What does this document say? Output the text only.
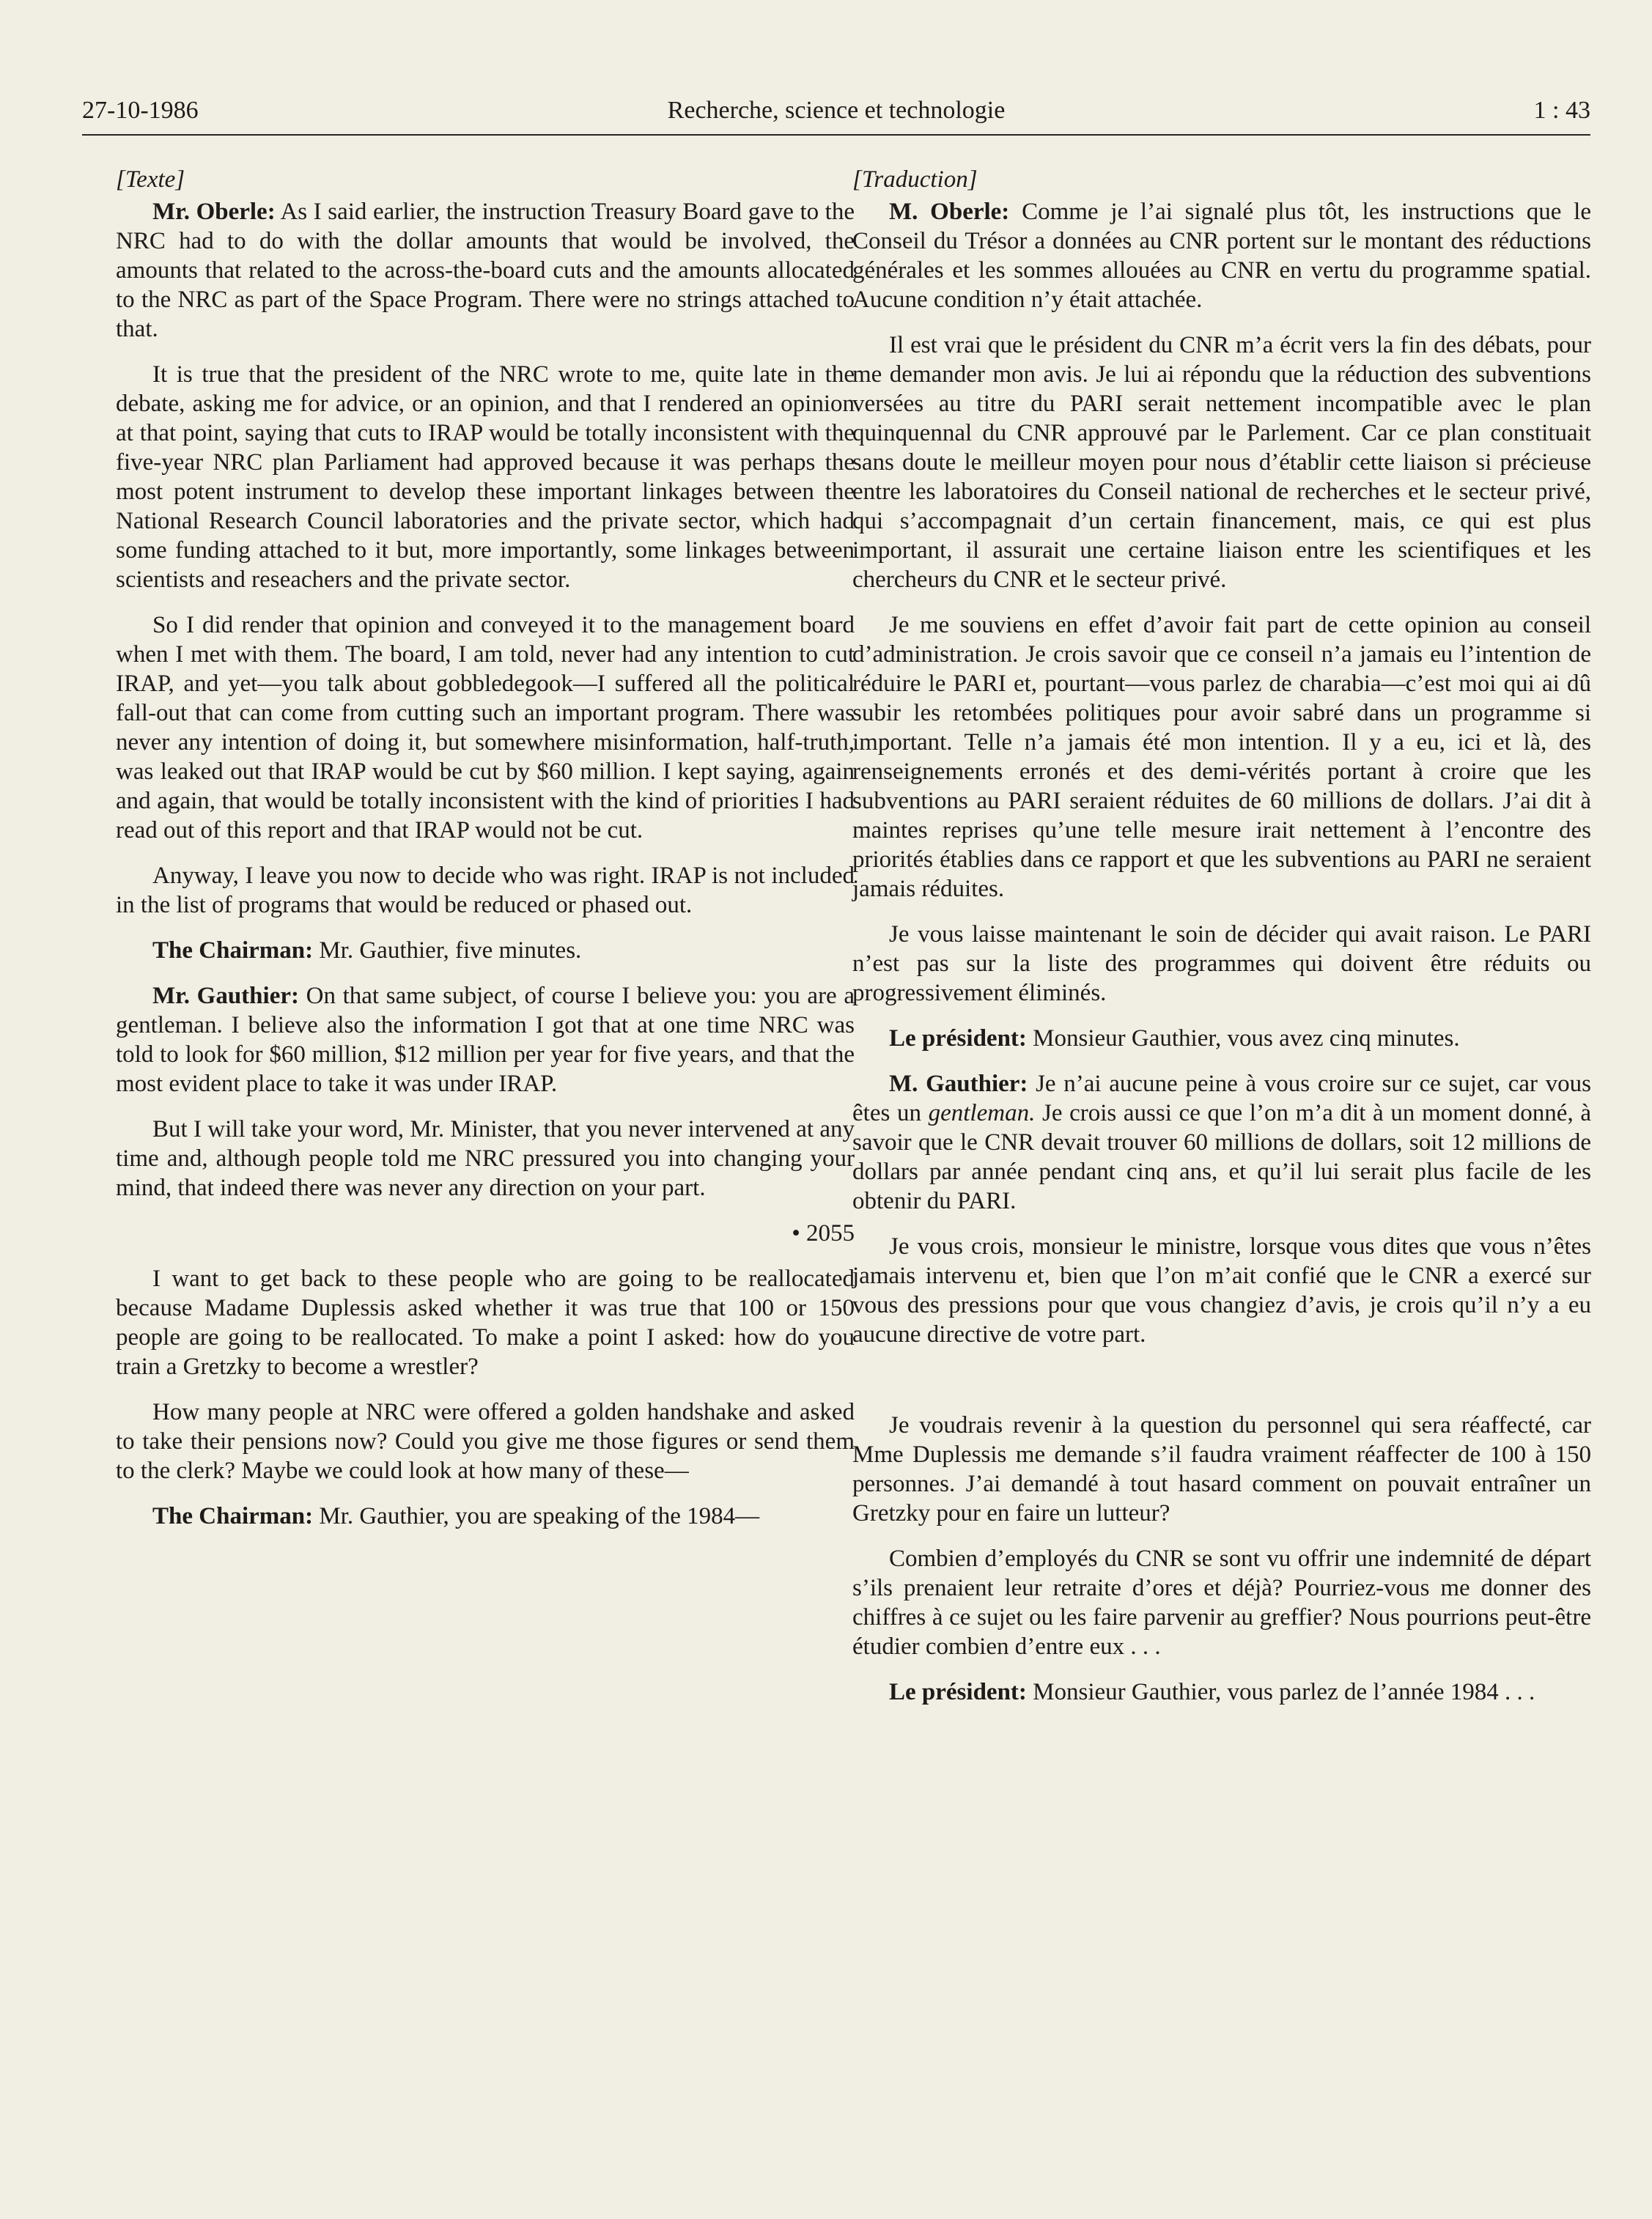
27-10-1986	Recherche, science et technologie	1 : 43

[Texte]

Mr. Oberle: As I said earlier, the instruction Treasury Board gave to the NRC had to do with the dollar amounts that would be involved, the amounts that related to the across-the-board cuts and the amounts allocated to the NRC as part of the Space Program. There were no strings attached to that.

It is true that the president of the NRC wrote to me, quite late in the debate, asking me for advice, or an opinion, and that I rendered an opinion at that point, saying that cuts to IRAP would be totally inconsistent with the five-year NRC plan Parliament had approved because it was perhaps the most potent instrument to develop these important linkages between the National Research Council laboratories and the private sector, which had some funding attached to it but, more importantly, some linkages between scientists and reseachers and the private sector.

So I did render that opinion and conveyed it to the management board when I met with them. The board, I am told, never had any intention to cut IRAP, and yet—you talk about gobbledegook—I suffered all the political fall-out that can come from cutting such an important program. There was never any intention of doing it, but somewhere misinformation, half-truth, was leaked out that IRAP would be cut by $60 million. I kept saying, again and again, that would be totally inconsistent with the kind of priorities I had read out of this report and that IRAP would not be cut.

Anyway, I leave you now to decide who was right. IRAP is not included in the list of programs that would be reduced or phased out.

The Chairman: Mr. Gauthier, five minutes.

Mr. Gauthier: On that same subject, of course I believe you: you are a gentleman. I believe also the information I got that at one time NRC was told to look for $60 million, $12 million per year for five years, and that the most evident place to take it was under IRAP.

But I will take your word, Mr. Minister, that you never intervened at any time and, although people told me NRC pressured you into changing your mind, that indeed there was never any direction on your part.

• 2055

I want to get back to these people who are going to be reallocated because Madame Duplessis asked whether it was true that 100 or 150 people are going to be reallocated. To make a point I asked: how do you train a Gretzky to become a wrestler?

How many people at NRC were offered a golden handshake and asked to take their pensions now? Could you give me those figures or send them to the clerk? Maybe we could look at how many of these—

The Chairman: Mr. Gauthier, you are speaking of the 1984—

[Traduction]

M. Oberle: Comme je l’ai signalé plus tôt, les instructions que le Conseil du Trésor a données au CNR portent sur le montant des réductions générales et les sommes allouées au CNR en vertu du programme spatial. Aucune condition n’y était attachée.

Il est vrai que le président du CNR m’a écrit vers la fin des débats, pour me demander mon avis. Je lui ai répondu que la réduction des subventions versées au titre du PARI serait nettement incompatible avec le plan quinquennal du CNR approuvé par le Parlement. Car ce plan constituait sans doute le meilleur moyen pour nous d’établir cette liaison si précieuse entre les laboratoires du Conseil national de recherches et le secteur privé, qui s’accompagnait d’un certain financement, mais, ce qui est plus important, il assurait une certaine liaison entre les scientifiques et les chercheurs du CNR et le secteur privé.

Je me souviens en effet d’avoir fait part de cette opinion au conseil d’administration. Je crois savoir que ce conseil n’a jamais eu l’intention de réduire le PARI et, pourtant—vous parlez de charabia—c’est moi qui ai dû subir les retombées politiques pour avoir sabré dans un programme si important. Telle n’a jamais été mon intention. Il y a eu, ici et là, des renseignements erronés et des demi-vérités portant à croire que les subventions au PARI seraient réduites de 60 millions de dollars. J’ai dit à maintes reprises qu’une telle mesure irait nettement à l’encontre des priorités établies dans ce rapport et que les subventions au PARI ne seraient jamais réduites.

Je vous laisse maintenant le soin de décider qui avait raison. Le PARI n’est pas sur la liste des programmes qui doivent être réduits ou progressivement éliminés.

Le président: Monsieur Gauthier, vous avez cinq minutes.

M. Gauthier: Je n’ai aucune peine à vous croire sur ce sujet, car vous êtes un gentleman. Je crois aussi ce que l’on m’a dit à un moment donné, à savoir que le CNR devait trouver 60 millions de dollars, soit 12 millions de dollars par année pendant cinq ans, et qu’il lui serait plus facile de les obtenir du PARI.

Je vous crois, monsieur le ministre, lorsque vous dites que vous n’êtes jamais intervenu et, bien que l’on m’ait confié que le CNR a exercé sur vous des pressions pour que vous changiez d’avis, je crois qu’il n’y a eu aucune directive de votre part.

Je voudrais revenir à la question du personnel qui sera réaffecté, car Mme Duplessis me demande s’il faudra vraiment réaffecter de 100 à 150 personnes. J’ai demandé à tout hasard comment on pouvait entraîner un Gretzky pour en faire un lutteur?

Combien d’employés du CNR se sont vu offrir une indemnité de départ s’ils prenaient leur retraite d’ores et déjà? Pourriez-vous me donner des chiffres à ce sujet ou les faire parvenir au greffier? Nous pourrions peut-être étudier combien d’entre eux . . .

Le président: Monsieur Gauthier, vous parlez de l’année 1984 . . .
